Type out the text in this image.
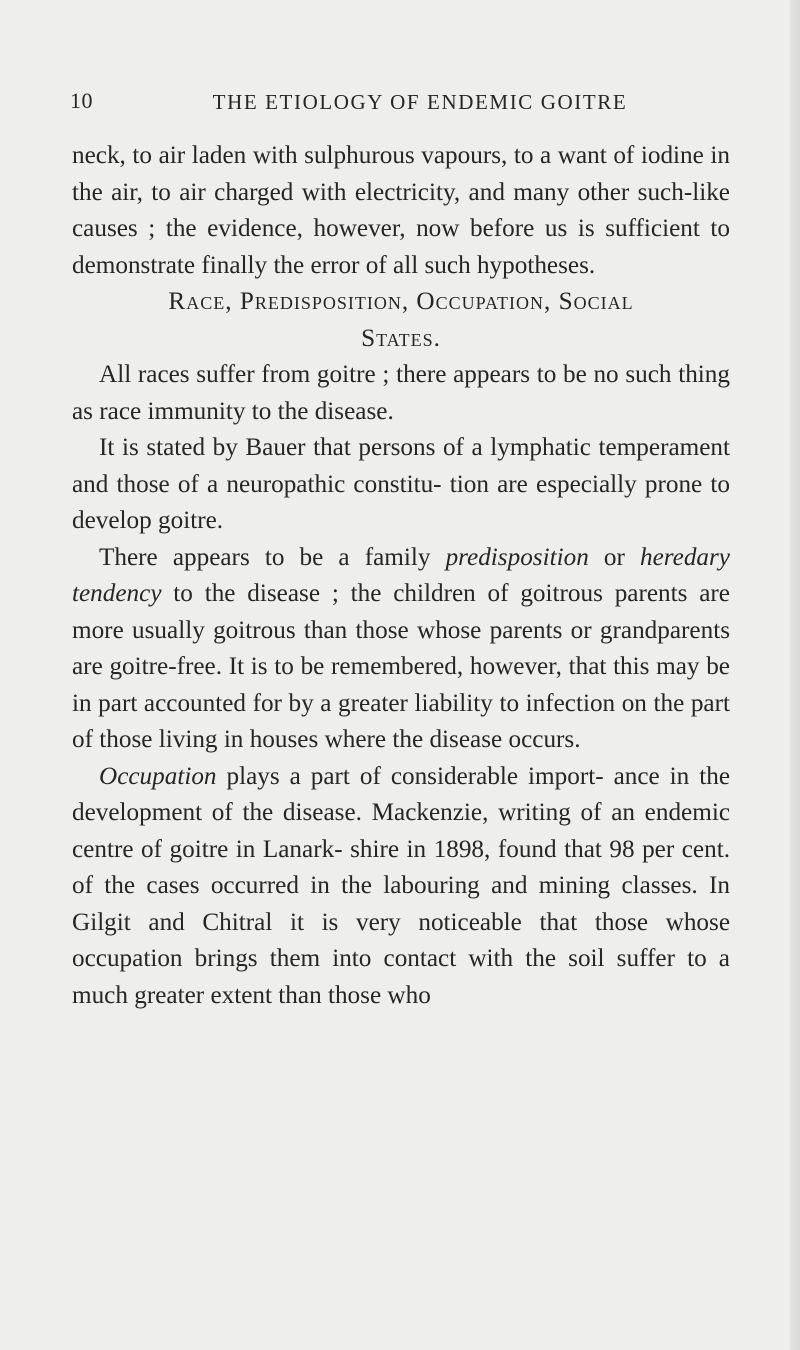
10	THE ETIOLOGY OF ENDEMIC GOITRE

neck, to air laden with sulphurous vapours, to a want of iodine in the air, to air charged with electricity, and many other such-like causes ; the evidence, however, now before us is sufficient to demonstrate finally the error of all such hypotheses.

Race, Predisposition, Occupation, Social

States.

All races suffer from goitre ; there appears to be no such thing as race immunity to the disease.

It is stated by Bauer that persons of a lymphatic temperament and those of a neuropathic constitu- tion are especially prone to develop goitre.

There appears to be a family predisposition or heredary tendency to the disease ; the children of goitrous parents are more usually goitrous than those whose parents or grandparents are goitre-free. It is to be remembered, however, that this may be in part accounted for by a greater liability to infection on the part of those living in houses where the disease occurs.

Occupation plays a part of considerable import- ance in the development of the disease. Mackenzie, writing of an endemic centre of goitre in Lanark- shire in 1898, found that 98 per cent. of the cases occurred in the labouring and mining classes. In Gilgit and Chitral it is very noticeable that those whose occupation brings them into contact with the soil suffer to a much greater extent than those who
